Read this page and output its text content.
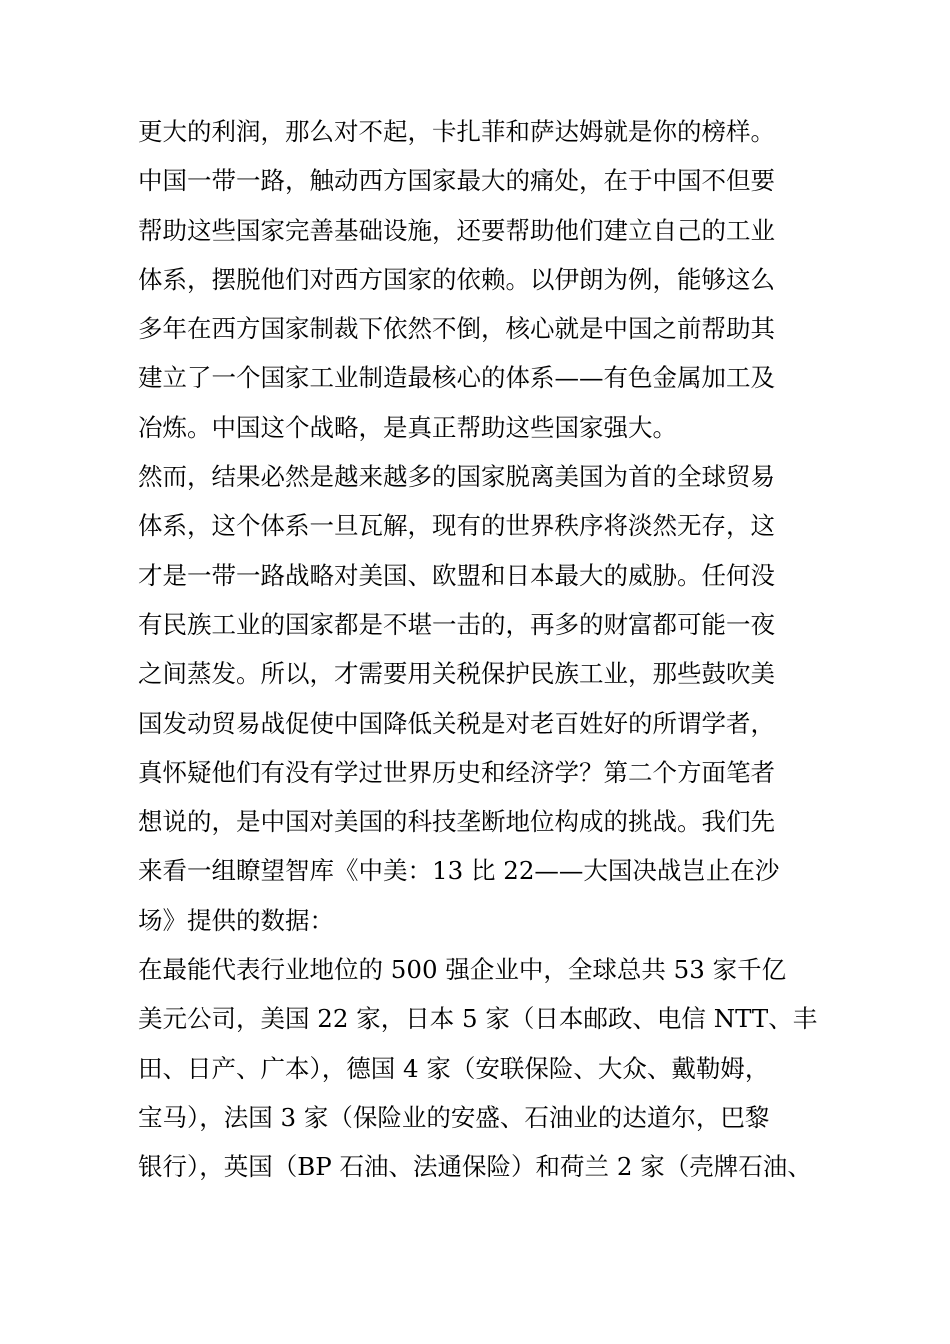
更大的利润，那么对不起，卡扎菲和萨达姆就是你的榜样。
中国一带一路，触动西方国家最大的痛处，在于中国不但要
帮助这些国家完善基础设施，还要帮助他们建立自己的工业
体系，摆脱他们对西方国家的依赖。以伊朗为例，能够这么
多年在西方国家制裁下依然不倒，核心就是中国之前帮助其
建立了一个国家工业制造最核心的体系——有色金属加工及
冶炼。中国这个战略，是真正帮助这些国家强大。
然而，结果必然是越来越多的国家脱离美国为首的全球贸易
体系，这个体系一旦瓦解，现有的世界秩序将淡然无存，这
才是一带一路战略对美国、欧盟和日本最大的威胁。任何没
有民族工业的国家都是不堪一击的，再多的财富都可能一夜
之间蒸发。所以，才需要用关税保护民族工业，那些鼓吹美
国发动贸易战促使中国降低关税是对老百姓好的所谓学者，
真怀疑他们有没有学过世界历史和经济学？第二个方面笔者
想说的，是中国对美国的科技垄断地位构成的挑战。我们先
来看一组瞭望智库《中美：13 比 22——大国决战岂止在沙
场》提供的数据：
在最能代表行业地位的 500 强企业中，全球总共 53 家千亿
美元公司，美国 22 家，日本 5 家（日本邮政、电信 NTT、丰
田、日产、广本），德国 4 家（安联保险、大众、戴勒姆，
宝马），法国 3 家（保险业的安盛、石油业的达道尔，巴黎
银行），英国（BP 石油、法通保险）和荷兰 2 家（壳牌石油、
